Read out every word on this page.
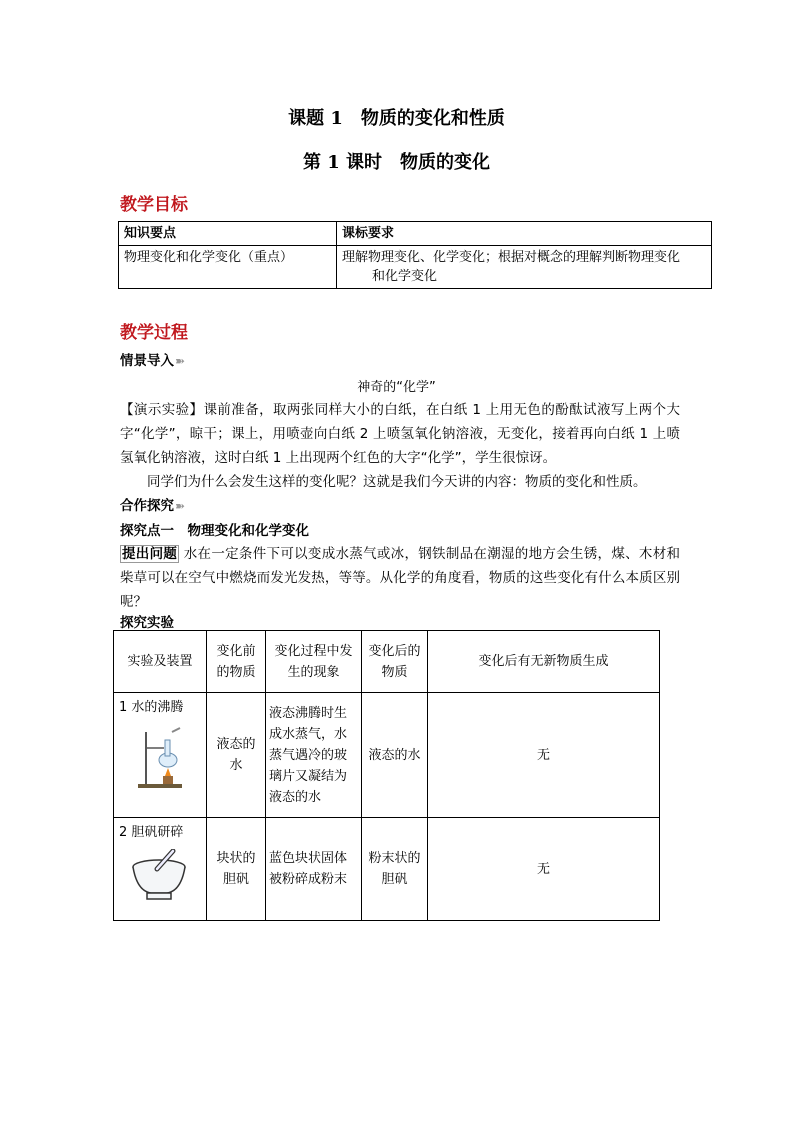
课题 1　物质的变化和性质
第 1 课时　物质的变化
教学目标
知识要点	课标要求
物理变化和化学变化（重点）	理解物理变化、化学变化；根据对概念的理解判断物理变化
和化学变化
教学过程
情景导入➽
神奇的“化学”
【演示实验】课前准备，取两张同样大小的白纸，在白纸 1 上用无色的酚酞试液写上两个大字“化学”，晾干；课上，用喷壶向白纸 2 上喷氢氧化钠溶液，无变化，接着再向白纸 1 上喷氢氧化钠溶液，这时白纸 1 上出现两个红色的大字“化学”，学生很惊讶。
同学们为什么会发生这样的变化呢？这就是我们今天讲的内容：物质的变化和性质。
合作探究➽
探究点一　物理变化和化学变化
提出问题 水在一定条件下可以变成水蒸气或冰，钢铁制品在潮湿的地方会生锈，煤、木材和柴草可以在空气中燃烧而发光发热，等等。从化学的角度看，物质的这些变化有什么本质区别呢？
探究实验
实验及装置	变化前的物质	变化过程中发生的现象	变化后的物质	变化后有无新物质生成

1 水的沸腾	液态的水	液态沸腾时生成水蒸气，水蒸气遇冷的玻璃片又凝结为液态的水	液态的水	无

2 胆矾研碎	块状的胆矾	蓝色块状固体被粉碎成粉末	粉末状的胆矾	无
